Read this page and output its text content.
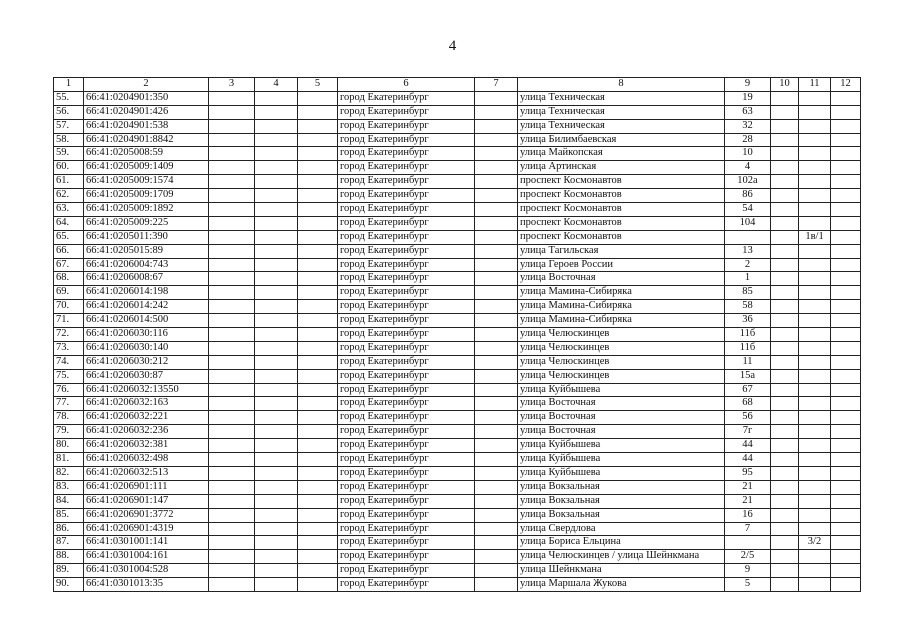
4
1	2	3	4	5	6	7	8	9	10	11	12
55.	66:41:0204901:350				город Екатеринбург		улица Техническая	19			
56.	66:41:0204901:426				город Екатеринбург		улица Техническая	63			
57.	66:41:0204901:538				город Екатеринбург		улица Техническая	32			
58.	66:41:0204901:8842				город Екатеринбург		улица Билимбаевская	28			
59.	66:41:0205008:59				город Екатеринбург		улица Майкопская	10			
60.	66:41:0205009:1409				город Екатеринбург		улица Артинская	4			
61.	66:41:0205009:1574				город Екатеринбург		проспект Космонавтов	102а			
62.	66:41:0205009:1709				город Екатеринбург		проспект Космонавтов	86			
63.	66:41:0205009:1892				город Екатеринбург		проспект Космонавтов	54			
64.	66:41:0205009:225				город Екатеринбург		проспект Космонавтов	104			
65.	66:41:0205011:390				город Екатеринбург		проспект Космонавтов			1в/1	
66.	66:41:0205015:89				город Екатеринбург		улица Тагильская	13			
67.	66:41:0206004:743				город Екатеринбург		улица Героев России	2			
68.	66:41:0206008:67				город Екатеринбург		улица Восточная	1			
69.	66:41:0206014:198				город Екатеринбург		улица Мамина-Сибиряка	85			
70.	66:41:0206014:242				город Екатеринбург		улица Мамина-Сибиряка	58			
71.	66:41:0206014:500				город Екатеринбург		улица Мамина-Сибиряка	36			
72.	66:41:0206030:116				город Екатеринбург		улица Челюскинцев	11б			
73.	66:41:0206030:140				город Екатеринбург		улица Челюскинцев	11б			
74.	66:41:0206030:212				город Екатеринбург		улица Челюскинцев	11			
75.	66:41:0206030:87				город Екатеринбург		улица Челюскинцев	15а			
76.	66:41:0206032:13550				город Екатеринбург		улица Куйбышева	67			
77.	66:41:0206032:163				город Екатеринбург		улица Восточная	68			
78.	66:41:0206032:221				город Екатеринбург		улица Восточная	56			
79.	66:41:0206032:236				город Екатеринбург		улица Восточная	7г			
80.	66:41:0206032:381				город Екатеринбург		улица Куйбышева	44			
81.	66:41:0206032:498				город Екатеринбург		улица Куйбышева	44			
82.	66:41:0206032:513				город Екатеринбург		улица Куйбышева	95			
83.	66:41:0206901:111				город Екатеринбург		улица Вокзальная	21			
84.	66:41:0206901:147				город Екатеринбург		улица Вокзальная	21			
85.	66:41:0206901:3772				город Екатеринбург		улица Вокзальная	16			
86.	66:41:0206901:4319				город Екатеринбург		улица Свердлова	7			
87.	66:41:0301001:141				город Екатеринбург		улица Бориса Ельцина			3/2	
88.	66:41:0301004:161				город Екатеринбург		улица Челюскинцев / улица Шейнкмана	2/5			
89.	66:41:0301004:528				город Екатеринбург		улица Шейнкмана	9			
90.	66:41:0301013:35				город Екатеринбург		улица Маршала Жукова	5			
